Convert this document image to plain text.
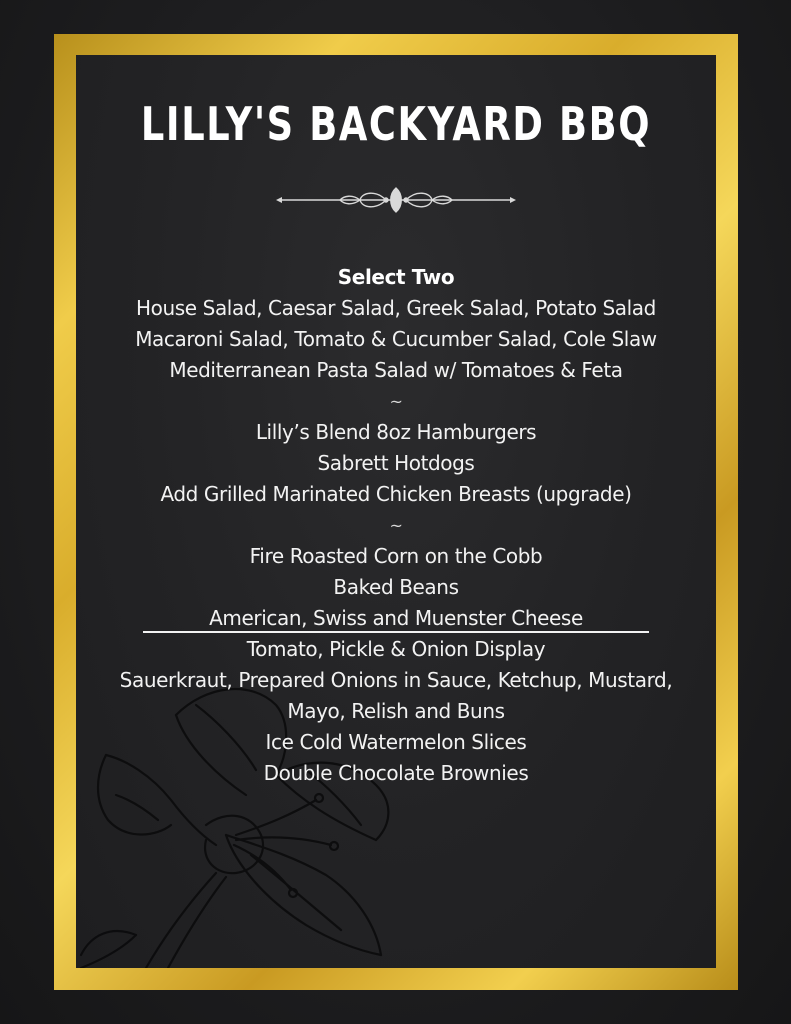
LILLY'S BACKYARD BBQ
Select Two
House Salad, Caesar Salad, Greek Salad, Potato Salad
Macaroni Salad, Tomato & Cucumber Salad, Cole Slaw
Mediterranean Pasta Salad w/ Tomatoes & Feta
~
Lilly’s Blend 8oz Hamburgers
Sabrett Hotdogs
Add Grilled Marinated Chicken Breasts (upgrade)
~
Fire Roasted Corn on the Cobb
Baked Beans
American, Swiss and Muenster Cheese
Tomato, Pickle & Onion Display
Sauerkraut, Prepared Onions in Sauce, Ketchup, Mustard,
Mayo, Relish and Buns
Ice Cold Watermelon Slices
Double Chocolate Brownies
